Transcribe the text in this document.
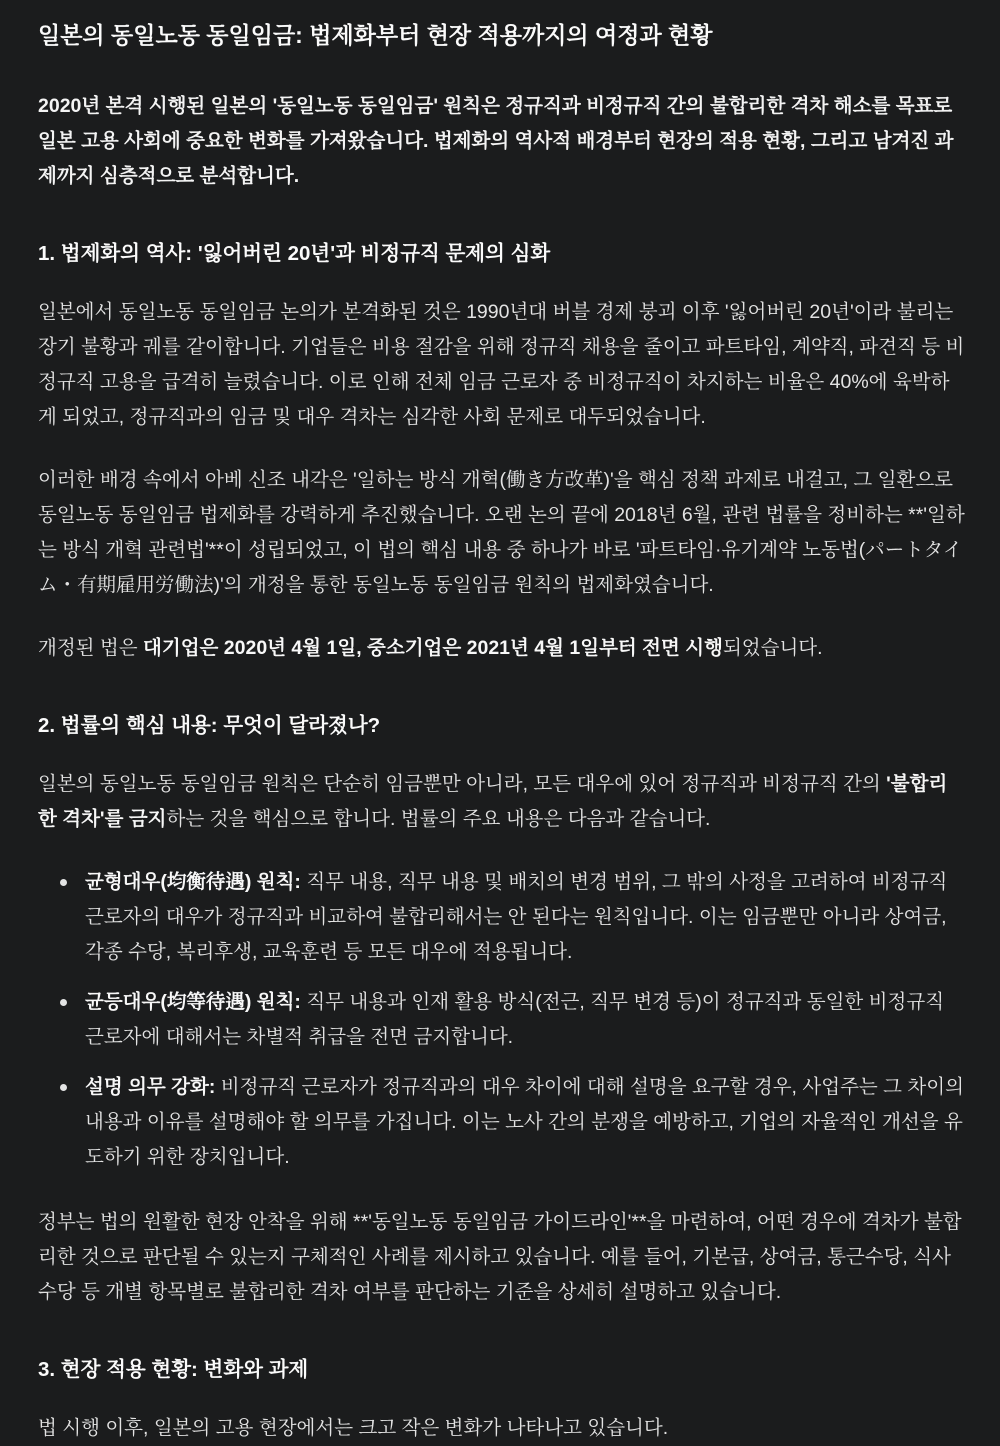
일본의 동일노동 동일임금: 법제화부터 현장 적용까지의 여정과 현황

2020년 본격 시행된 일본의 '동일노동 동일임금' 원칙은 정규직과 비정규직 간의 불합리한 격차 해소를 목표로 일본 고용 사회에 중요한 변화를 가져왔습니다. 법제화의 역사적 배경부터 현장의 적용 현황, 그리고 남겨진 과제까지 심층적으로 분석합니다.

1. 법제화의 역사: '잃어버린 20년'과 비정규직 문제의 심화

일본에서 동일노동 동일임금 논의가 본격화된 것은 1990년대 버블 경제 붕괴 이후 '잃어버린 20년'이라 불리는 장기 불황과 궤를 같이합니다. 기업들은 비용 절감을 위해 정규직 채용을 줄이고 파트타임, 계약직, 파견직 등 비정규직 고용을 급격히 늘렸습니다. 이로 인해 전체 임금 근로자 중 비정규직이 차지하는 비율은 40%에 육박하게 되었고, 정규직과의 임금 및 대우 격차는 심각한 사회 문제로 대두되었습니다.

이러한 배경 속에서 아베 신조 내각은 '일하는 방식 개혁(働き方改革)'을 핵심 정책 과제로 내걸고, 그 일환으로 동일노동 동일임금 법제화를 강력하게 추진했습니다. 오랜 논의 끝에 2018년 6월, 관련 법률을 정비하는 **'일하는 방식 개혁 관련법'**이 성립되었고, 이 법의 핵심 내용 중 하나가 바로 '파트타임·유기계약 노동법(パートタイム・有期雇用労働法)'의 개정을 통한 동일노동 동일임금 원칙의 법제화였습니다.

개정된 법은 대기업은 2020년 4월 1일, 중소기업은 2021년 4월 1일부터 전면 시행되었습니다.

2. 법률의 핵심 내용: 무엇이 달라졌나?

일본의 동일노동 동일임금 원칙은 단순히 임금뿐만 아니라, 모든 대우에 있어 정규직과 비정규직 간의 '불합리한 격차'를 금지하는 것을 핵심으로 합니다. 법률의 주요 내용은 다음과 같습니다.

균형대우(均衡待遇) 원칙: 직무 내용, 직무 내용 및 배치의 변경 범위, 그 밖의 사정을 고려하여 비정규직 근로자의 대우가 정규직과 비교하여 불합리해서는 안 된다는 원칙입니다. 이는 임금뿐만 아니라 상여금, 각종 수당, 복리후생, 교육훈련 등 모든 대우에 적용됩니다.
균등대우(均等待遇) 원칙: 직무 내용과 인재 활용 방식(전근, 직무 변경 등)이 정규직과 동일한 비정규직 근로자에 대해서는 차별적 취급을 전면 금지합니다.
설명 의무 강화: 비정규직 근로자가 정규직과의 대우 차이에 대해 설명을 요구할 경우, 사업주는 그 차이의 내용과 이유를 설명해야 할 의무를 가집니다. 이는 노사 간의 분쟁을 예방하고, 기업의 자율적인 개선을 유도하기 위한 장치입니다.

정부는 법의 원활한 현장 안착을 위해 **'동일노동 동일임금 가이드라인'**을 마련하여, 어떤 경우에 격차가 불합리한 것으로 판단될 수 있는지 구체적인 사례를 제시하고 있습니다. 예를 들어, 기본급, 상여금, 통근수당, 식사수당 등 개별 항목별로 불합리한 격차 여부를 판단하는 기준을 상세히 설명하고 있습니다.

3. 현장 적용 현황: 변화와 과제

법 시행 이후, 일본의 고용 현장에서는 크고 작은 변화가 나타나고 있습니다.
